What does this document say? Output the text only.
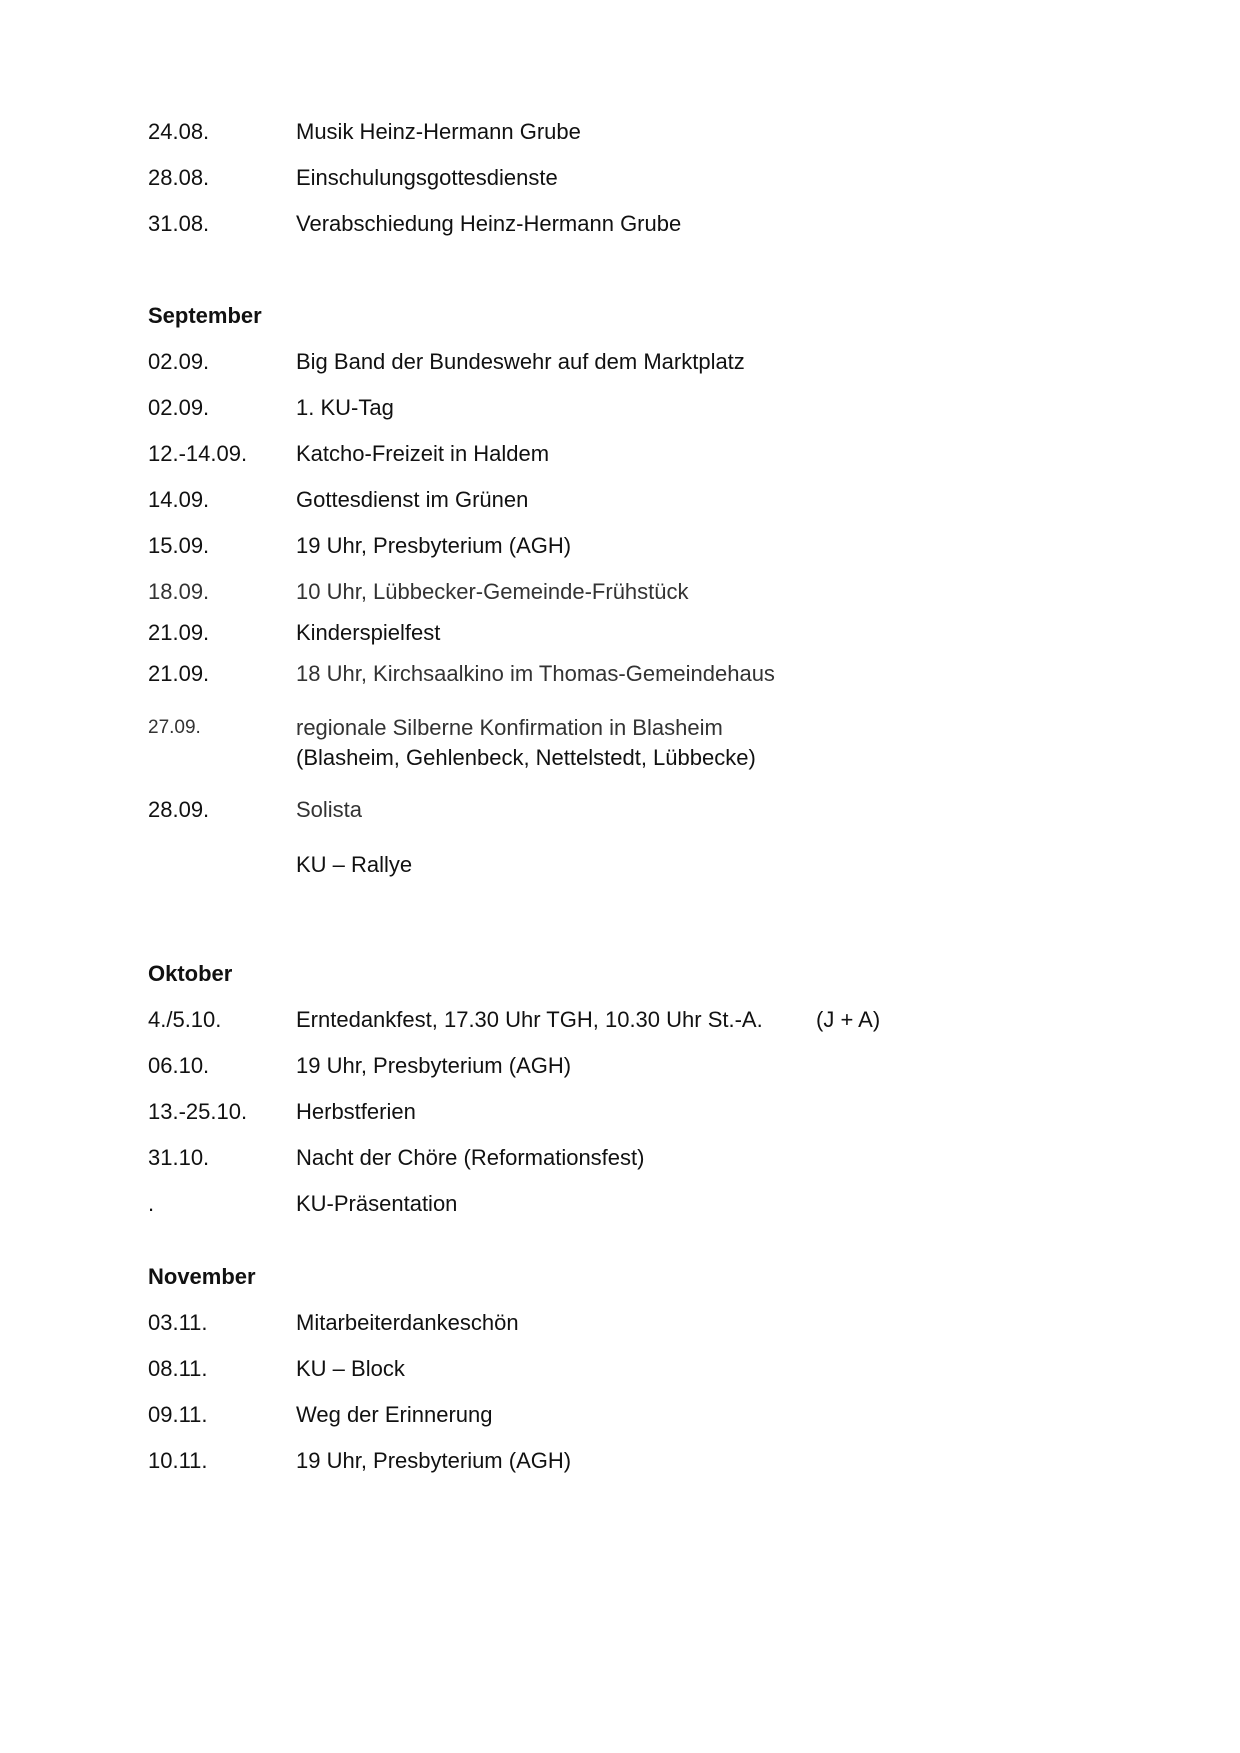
24.08.	Musik Heinz-Hermann Grube
28.08.	Einschulungsgottesdienste
31.08.	Verabschiedung Heinz-Hermann Grube
September
02.09.	Big Band der Bundeswehr auf dem Marktplatz
02.09.	1. KU-Tag
12.-14.09. Katcho-Freizeit in Haldem
14.09.	Gottesdienst im Grünen
15.09.	19 Uhr, Presbyterium (AGH)
18.09.	10 Uhr, Lübbecker-Gemeinde-Frühstück
21.09.	Kinderspielfest
21.09.	18 Uhr, Kirchsaalkino im Thomas-Gemeindehaus
27.09.	regionale Silberne Konfirmation in Blasheim
(Blasheim, Gehlenbeck, Nettelstedt, Lübbecke)
28.09.	Solista
KU – Rallye
Oktober
4./5.10.	Erntedankfest, 17.30 Uhr TGH, 10.30 Uhr St.-A. (J + A)
06.10.	19 Uhr, Presbyterium (AGH)
13.-25.10. Herbstferien
31.10.	Nacht der Chöre (Reformationsfest)
.	KU-Präsentation
November
03.11.	Mitarbeiterdankeschön
08.11.	KU – Block
09.11.	Weg der Erinnerung
10.11.	19 Uhr, Presbyterium (AGH)
